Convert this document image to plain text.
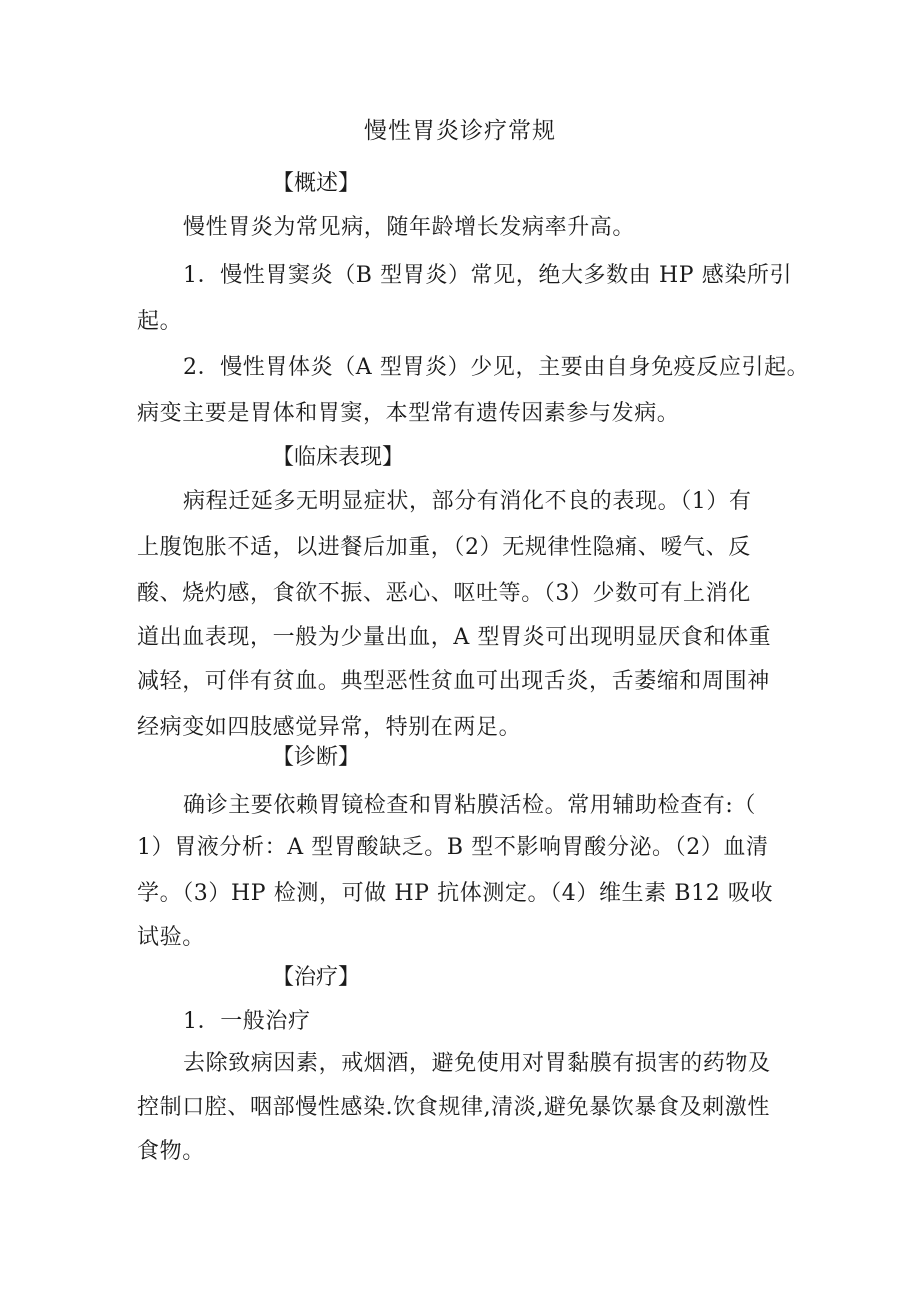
慢性胃炎诊疗常规
【概述】
慢性胃炎为常见病，随年龄增长发病率升高。
1．慢性胃窦炎（B 型胃炎）常见，绝大多数由 HP 感染所引
起。
2．慢性胃体炎（A 型胃炎）少见，主要由自身免疫反应引起。
病变主要是胃体和胃窦，本型常有遗传因素参与发病。
【临床表现】
病程迁延多无明显症状，部分有消化不良的表现。（1）有
上腹饱胀不适，以进餐后加重，（2）无规律性隐痛、嗳气、反
酸、烧灼感，食欲不振、恶心、呕吐等。（3）少数可有上消化
道出血表现，一般为少量出血，A 型胃炎可出现明显厌食和体重
减轻，可伴有贫血。典型恶性贫血可出现舌炎，舌萎缩和周围神
经病变如四肢感觉异常，特别在两足。
【诊断】
确诊主要依赖胃镜检查和胃粘膜活检。常用辅助检查有:（
1）胃液分析：A 型胃酸缺乏。B 型不影响胃酸分泌。（2）血清
学。（3）HP 检测，可做 HP 抗体测定。（4）维生素 B12 吸收
试验。
【治疗】
1．一般治疗
去除致病因素，戒烟酒，避免使用对胃黏膜有损害的药物及
控制口腔、咽部慢性感染.饮食规律,清淡,避免暴饮暴食及刺激性
食物。
